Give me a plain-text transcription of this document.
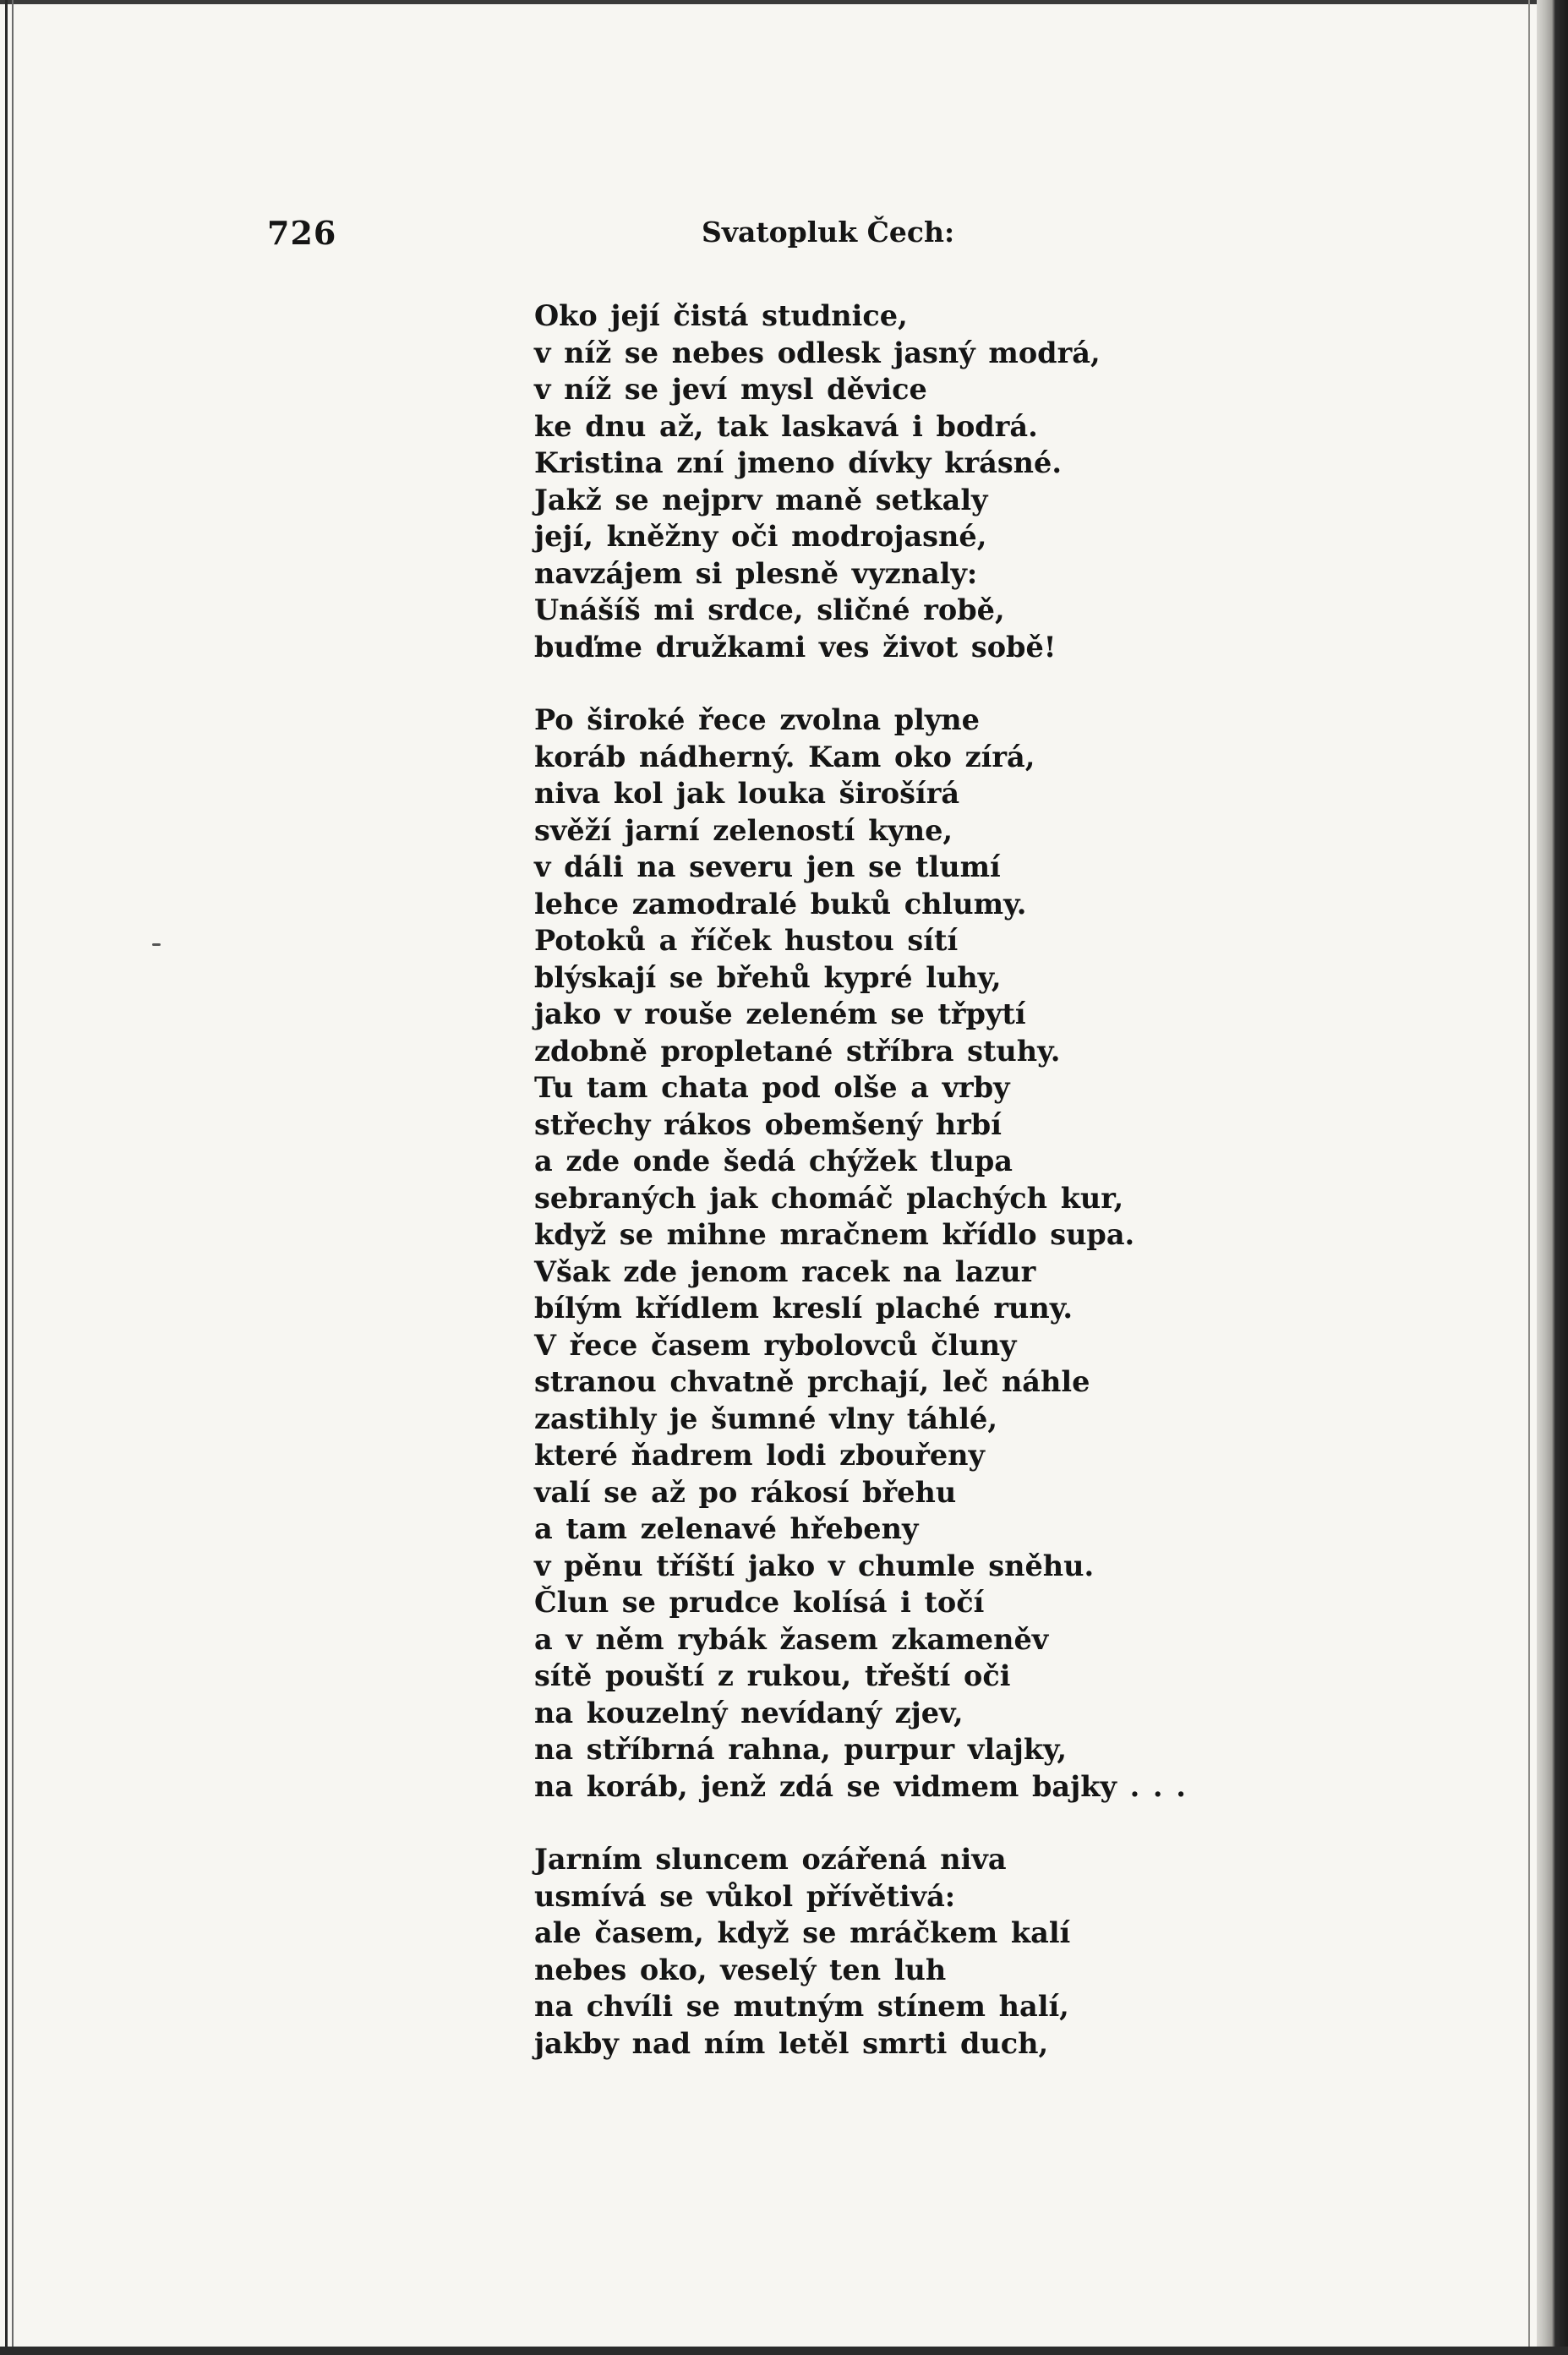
726	Svatopluk Čech:
Oko její čistá studnice,
v níž se nebes odlesk jasný modrá,
v níž se jeví mysl děvice
ke dnu až, tak laskavá i bodrá.
Kristina zní jmeno dívky krásné.
Jakž se nejprv maně setkaly
její, kněžny oči modrojasné,
navzájem si plesně vyznaly:
Unášíš mi srdce, sličné robě,
buďme družkami ves život sobě!
Po široké řece zvolna plyne
koráb nádherný. Kam oko zírá,
niva kol jak louka širošírá
svěží jarní zeleností kyne,
v dáli na severu jen se tlumí
lehce zamodralé buků chlumy.
Potoků a říček hustou sítí
blýskají se břehů kypré luhy,
jako v rouše zeleném se třpytí
zdobně propletané stříbra stuhy.
Tu tam chata pod olše a vrby
střechy rákos obemšený hrbí
a zde onde šedá chýžek tlupa
sebraných jak chomáč plachých kur,
když se mihne mračnem křídlo supa.
Však zde jenom racek na lazur
bílým křídlem kreslí plaché runy.
V řece časem rybolovců čluny
stranou chvatně prchají, leč náhle
zastihly je šumné vlny táhlé,
které ňadrem lodi zbouřeny
valí se až po rákosí břehu
a tam zelenavé hřebeny
v pěnu tříští jako v chumle sněhu.
Člun se prudce kolísá i točí
a v něm rybák žasem zkameněv
sítě pouští z rukou, třeští oči
na kouzelný nevídaný zjev,
na stříbrná rahna, purpur vlajky,
na koráb, jenž zdá se vidmem bajky . . .
Jarním sluncem ozářená niva
usmívá se vůkol přívětivá:
ale časem, když se mráčkem kalí
nebes oko, veselý ten luh
na chvíli se mutným stínem halí,
jakby nad ním letěl smrti duch,
